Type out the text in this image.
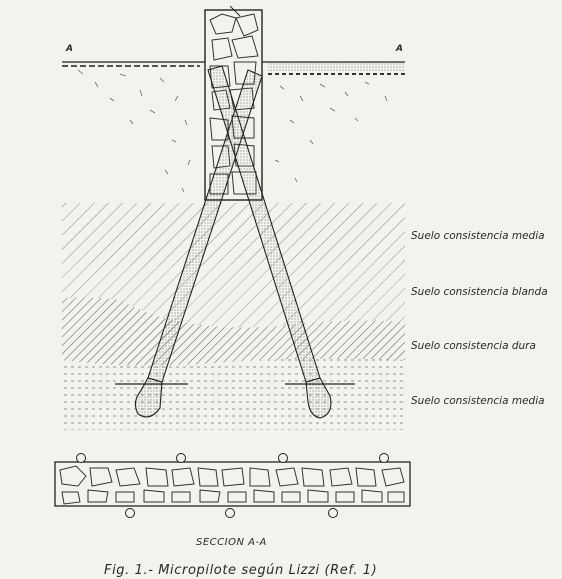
A	A
Suelo consistencia media
Suelo consistencia blanda
Suelo consistencia dura
Suelo consistencia media
SECCION A-A
Fig. 1.- Micropilote según Lizzi (Ref. 1)
